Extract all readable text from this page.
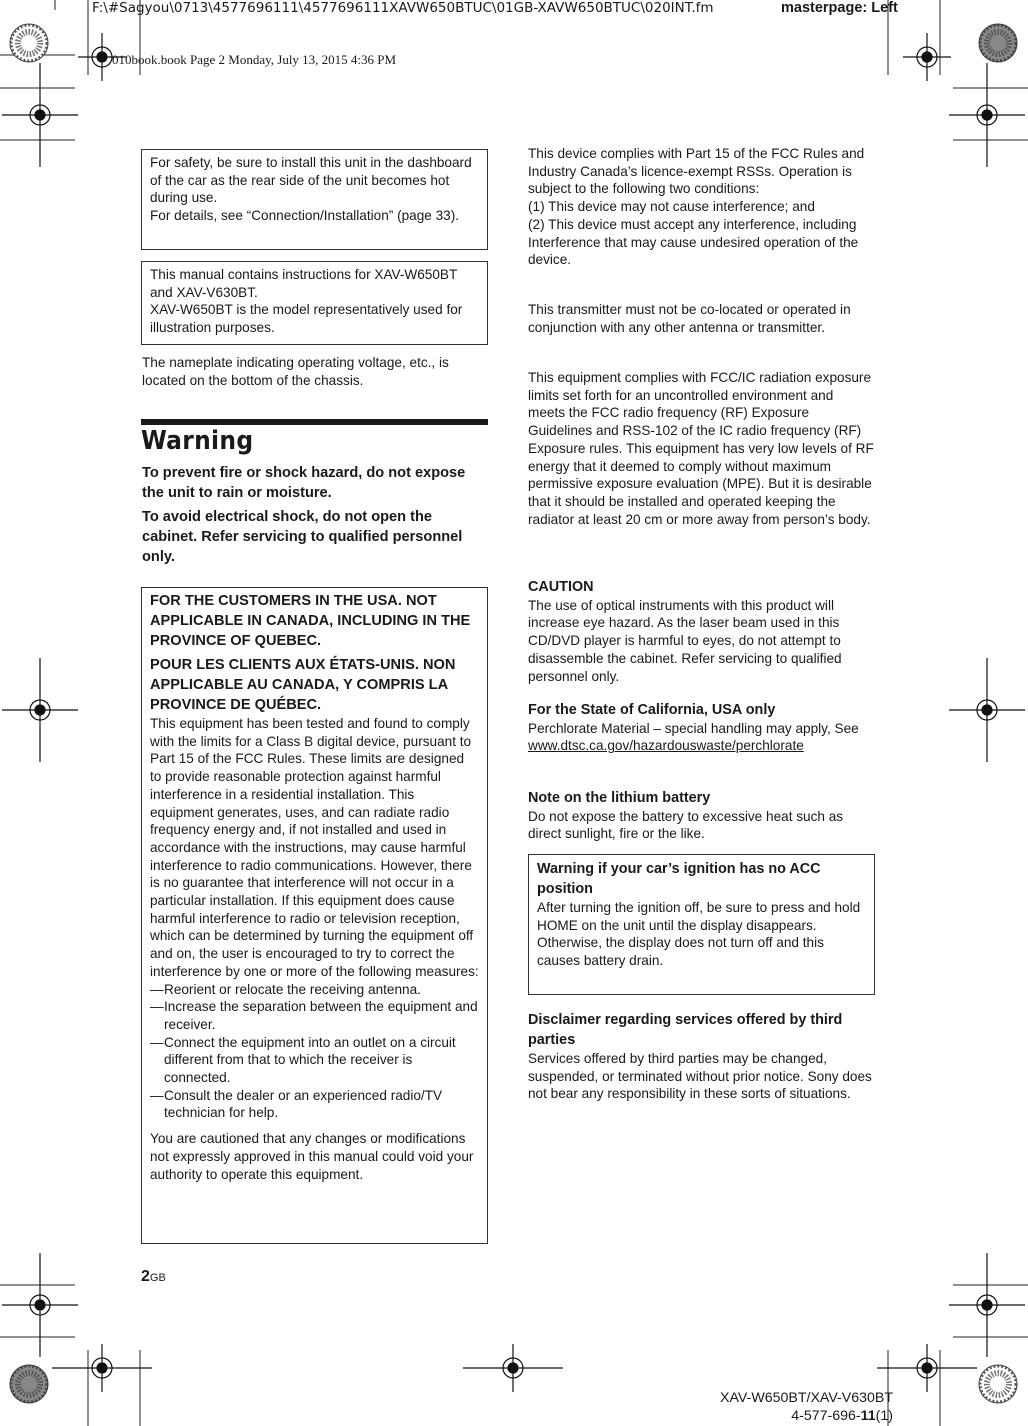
F:\#Sagyou\0713\4577696111\4577696111XAVW650BTUC\01GB-XAVW650BTUC\020INT.fm	masterpage: Left
010book.book Page 2 Monday, July 13, 2015 4:36 PM
For safety, be sure to install this unit in the dashboard of the car as the rear side of the unit becomes hot during use.
For details, see “Connection/Installation” (page 33).
This manual contains instructions for XAV-W650BT and XAV-V630BT.
XAV-W650BT is the model representatively used for illustration purposes.
The nameplate indicating operating voltage, etc., is located on the bottom of the chassis.
Warning
To prevent fire or shock hazard, do not expose the unit to rain or moisture.
To avoid electrical shock, do not open the cabinet. Refer servicing to qualified personnel only.
FOR THE CUSTOMERS IN THE USA. NOT APPLICABLE IN CANADA, INCLUDING IN THE PROVINCE OF QUEBEC.
POUR LES CLIENTS AUX ÉTATS-UNIS. NON APPLICABLE AU CANADA, Y COMPRIS LA PROVINCE DE QUÉBEC.
This equipment has been tested and found to comply with the limits for a Class B digital device, pursuant to Part 15 of the FCC Rules. These limits are designed to provide reasonable protection against harmful interference in a residential installation. This equipment generates, uses, and can radiate radio frequency energy and, if not installed and used in accordance with the instructions, may cause harmful interference to radio communications. However, there is no guarantee that interference will not occur in a particular installation. If this equipment does cause harmful interference to radio or television reception, which can be determined by turning the equipment off and on, the user is encouraged to try to correct the interference by one or more of the following measures:
— Reorient or relocate the receiving antenna.
— Increase the separation between the equipment and receiver.
— Connect the equipment into an outlet on a circuit different from that to which the receiver is connected.
— Consult the dealer or an experienced radio/TV technician for help.
You are cautioned that any changes or modifications not expressly approved in this manual could void your authority to operate this equipment.
This device complies with Part 15 of the FCC Rules and Industry Canada’s licence-exempt RSSs. Operation is subject to the following two conditions:
(1) This device may not cause interference; and
(2) This device must accept any interference, including Interference that may cause undesired operation of the device.
This transmitter must not be co-located or operated in conjunction with any other antenna or transmitter.
This equipment complies with FCC/IC radiation exposure limits set forth for an uncontrolled environment and meets the FCC radio frequency (RF) Exposure Guidelines and RSS-102 of the IC radio frequency (RF) Exposure rules. This equipment has very low levels of RF energy that it deemed to comply without maximum permissive exposure evaluation (MPE). But it is desirable that it should be installed and operated keeping the radiator at least 20 cm or more away from person’s body.
CAUTION
The use of optical instruments with this product will increase eye hazard. As the laser beam used in this CD/DVD player is harmful to eyes, do not attempt to disassemble the cabinet. Refer servicing to qualified personnel only.
For the State of California, USA only
Perchlorate Material – special handling may apply, See
www.dtsc.ca.gov/hazardouswaste/perchlorate
Note on the lithium battery
Do not expose the battery to excessive heat such as direct sunlight, fire or the like.
Warning if your car’s ignition has no ACC position
After turning the ignition off, be sure to press and hold HOME on the unit until the display disappears.
Otherwise, the display does not turn off and this causes battery drain.
Disclaimer regarding services offered by third parties
Services offered by third parties may be changed, suspended, or terminated without prior notice. Sony does not bear any responsibility in these sorts of situations.
2GB
XAV-W650BT/XAV-V630BT
4-577-696-11(1)
